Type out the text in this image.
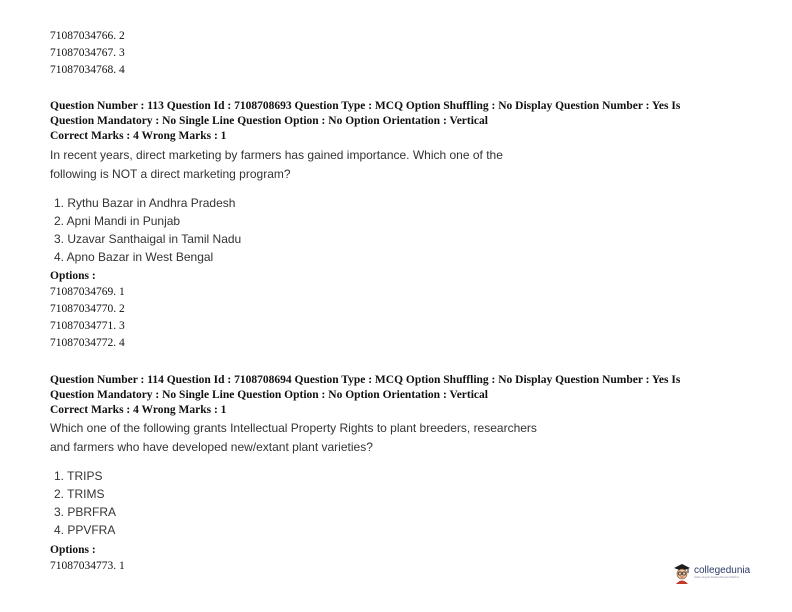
71087034766. 2
71087034767. 3
71087034768. 4
Question Number : 113 Question Id : 7108708693 Question Type : MCQ Option Shuffling : No Display Question Number : Yes Is
Question Mandatory : No Single Line Question Option : No Option Orientation : Vertical
Correct Marks : 4 Wrong Marks : 1
In recent years, direct marketing by farmers has gained importance. Which one of the
following is NOT a direct marketing program?
1. Rythu Bazar in Andhra Pradesh
2. Apni Mandi in Punjab
3. Uzavar Santhaigal in Tamil Nadu
4. Apno Bazar in West Bengal
Options :
71087034769. 1
71087034770. 2
71087034771. 3
71087034772. 4
Question Number : 114 Question Id : 7108708694 Question Type : MCQ Option Shuffling : No Display Question Number : Yes Is
Question Mandatory : No Single Line Question Option : No Option Orientation : Vertical
Correct Marks : 4 Wrong Marks : 1
Which one of the following grants Intellectual Property Rights to plant breeders, researchers
and farmers who have developed new/extant plant varieties?
1. TRIPS
2. TRIMS
3. PBRFRA
4. PPVFRA
Options :
71087034773. 1	collegedunia
India's largest Student Review Platform
